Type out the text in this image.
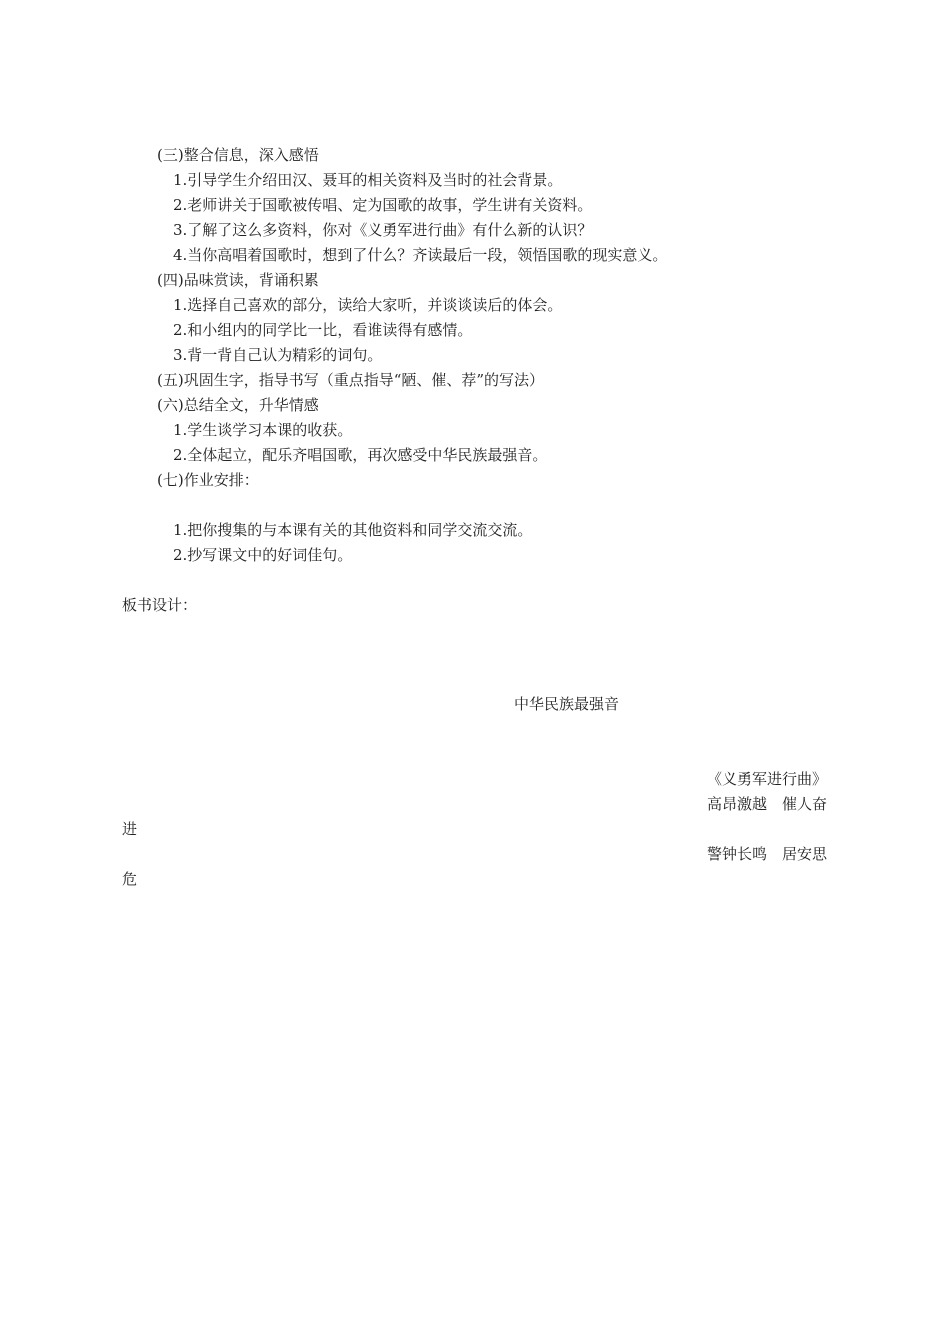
(三)整合信息，深入感悟
1.引导学生介绍田汉、聂耳的相关资料及当时的社会背景。
2.老师讲关于国歌被传唱、定为国歌的故事，学生讲有关资料。
3.了解了这么多资料，你对《义勇军进行曲》有什么新的认识？
4.当你高唱着国歌时，想到了什么？齐读最后一段，领悟国歌的现实意义。
(四)品味赏读，背诵积累
1.选择自己喜欢的部分，读给大家听，并谈谈读后的体会。
2.和小组内的同学比一比，看谁读得有感情。
3.背一背自己认为精彩的词句。
(五)巩固生字，指导书写（重点指导“陋、催、荐”的写法）
(六)总结全文，升华情感
1.学生谈学习本课的收获。
2.全体起立，配乐齐唱国歌，再次感受中华民族最强音。
(七)作业安排：
1.把你搜集的与本课有关的其他资料和同学交流交流。
2.抄写课文中的好词佳句。
板书设计：
中华民族最强音
《义勇军进行曲》
高昂激越　催人奋
进
警钟长鸣　居安思
危
